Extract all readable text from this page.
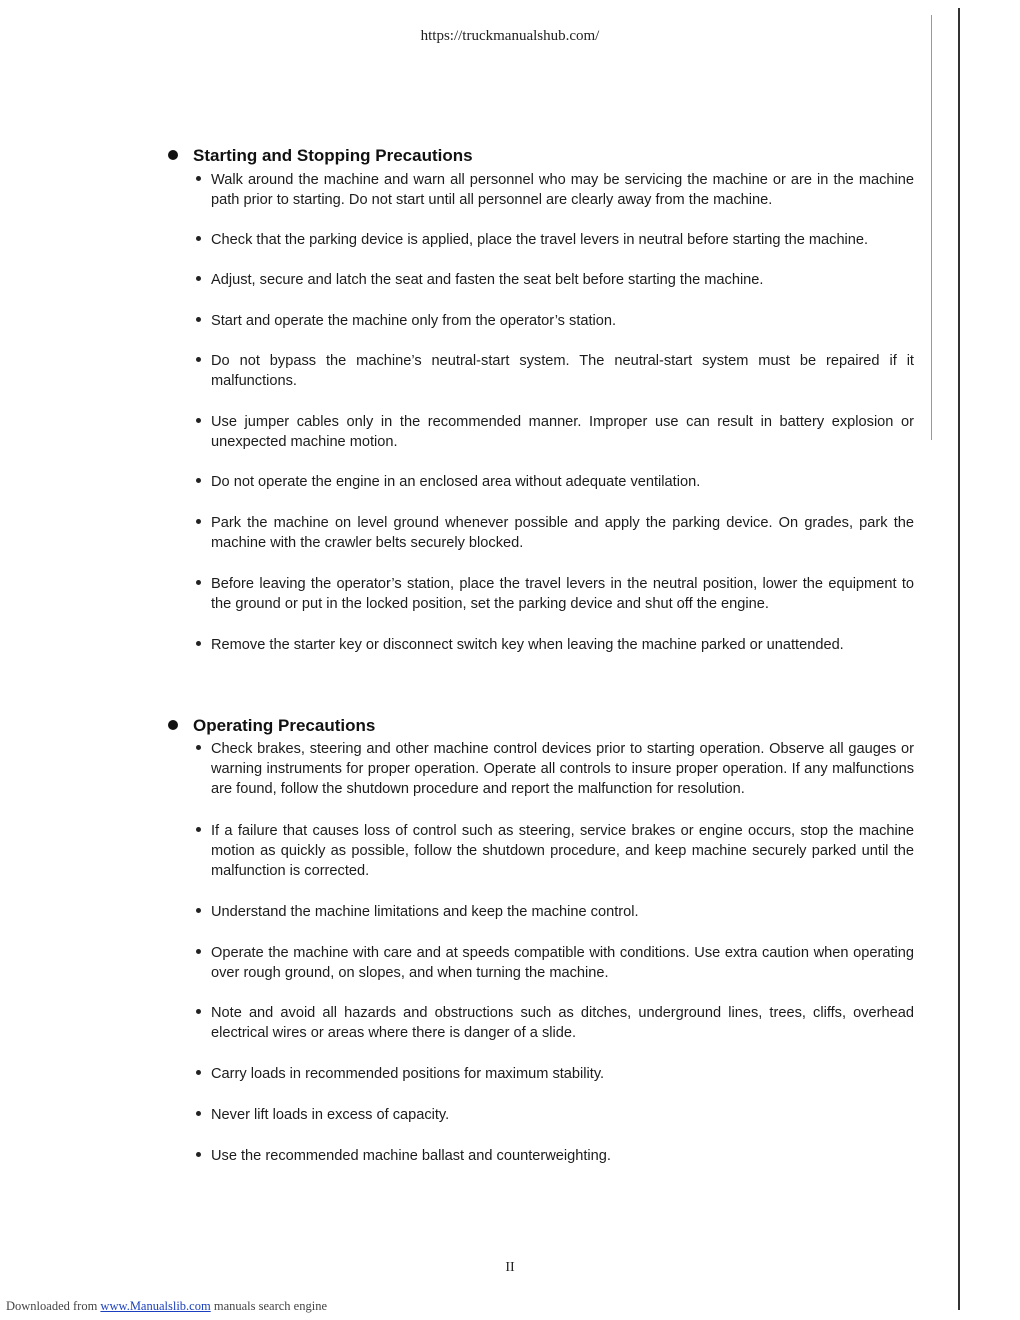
https://truckmanualshub.com/
Starting and Stopping Precautions
Walk around the machine and warn all personnel who may be servicing the machine or are in the machine path prior to starting. Do not start until all personnel are clearly away from the machine.
Check that the parking device is applied, place the travel levers in neutral before starting the machine.
Adjust, secure and latch the seat and fasten the seat belt before starting the machine.
Start and operate the machine only from the operator’s station.
Do not bypass the machine’s neutral-start system. The neutral-start system must be repaired if it malfunctions.
Use jumper cables only in the recommended manner. Improper use can result in battery explosion or unexpected machine motion.
Do not operate the engine in an enclosed area without adequate ventilation.
Park the machine on level ground whenever possible and apply the parking device. On grades, park the machine with the crawler belts securely blocked.
Before leaving the operator’s station, place the travel levers in the neutral position, lower the equipment to the ground or put in the locked position, set the parking device and shut off the engine.
Remove the starter key or disconnect switch key when leaving the machine parked or unattended.
Operating Precautions
Check brakes, steering and other machine control devices prior to starting operation. Observe all gauges or warning instruments for proper operation. Operate all controls to insure proper operation. If any malfunctions are found, follow the shutdown procedure and report the malfunction for resolution.
If a failure that causes loss of control such as steering, service brakes or engine occurs, stop the machine motion as quickly as possible, follow the shutdown procedure, and keep machine securely parked until the malfunction is corrected.
Understand the machine limitations and keep the machine control.
Operate the machine with care and at speeds compatible with conditions. Use extra caution when operating over rough ground, on slopes, and when turning the machine.
Note and avoid all hazards and obstructions such as ditches, underground lines, trees, cliffs, overhead electrical wires or areas where there is danger of a slide.
Carry loads in recommended positions for maximum stability.
Never lift loads in excess of capacity.
Use the recommended machine ballast and counterweighting.
II
Downloaded from www.Manualslib.com manuals search engine
